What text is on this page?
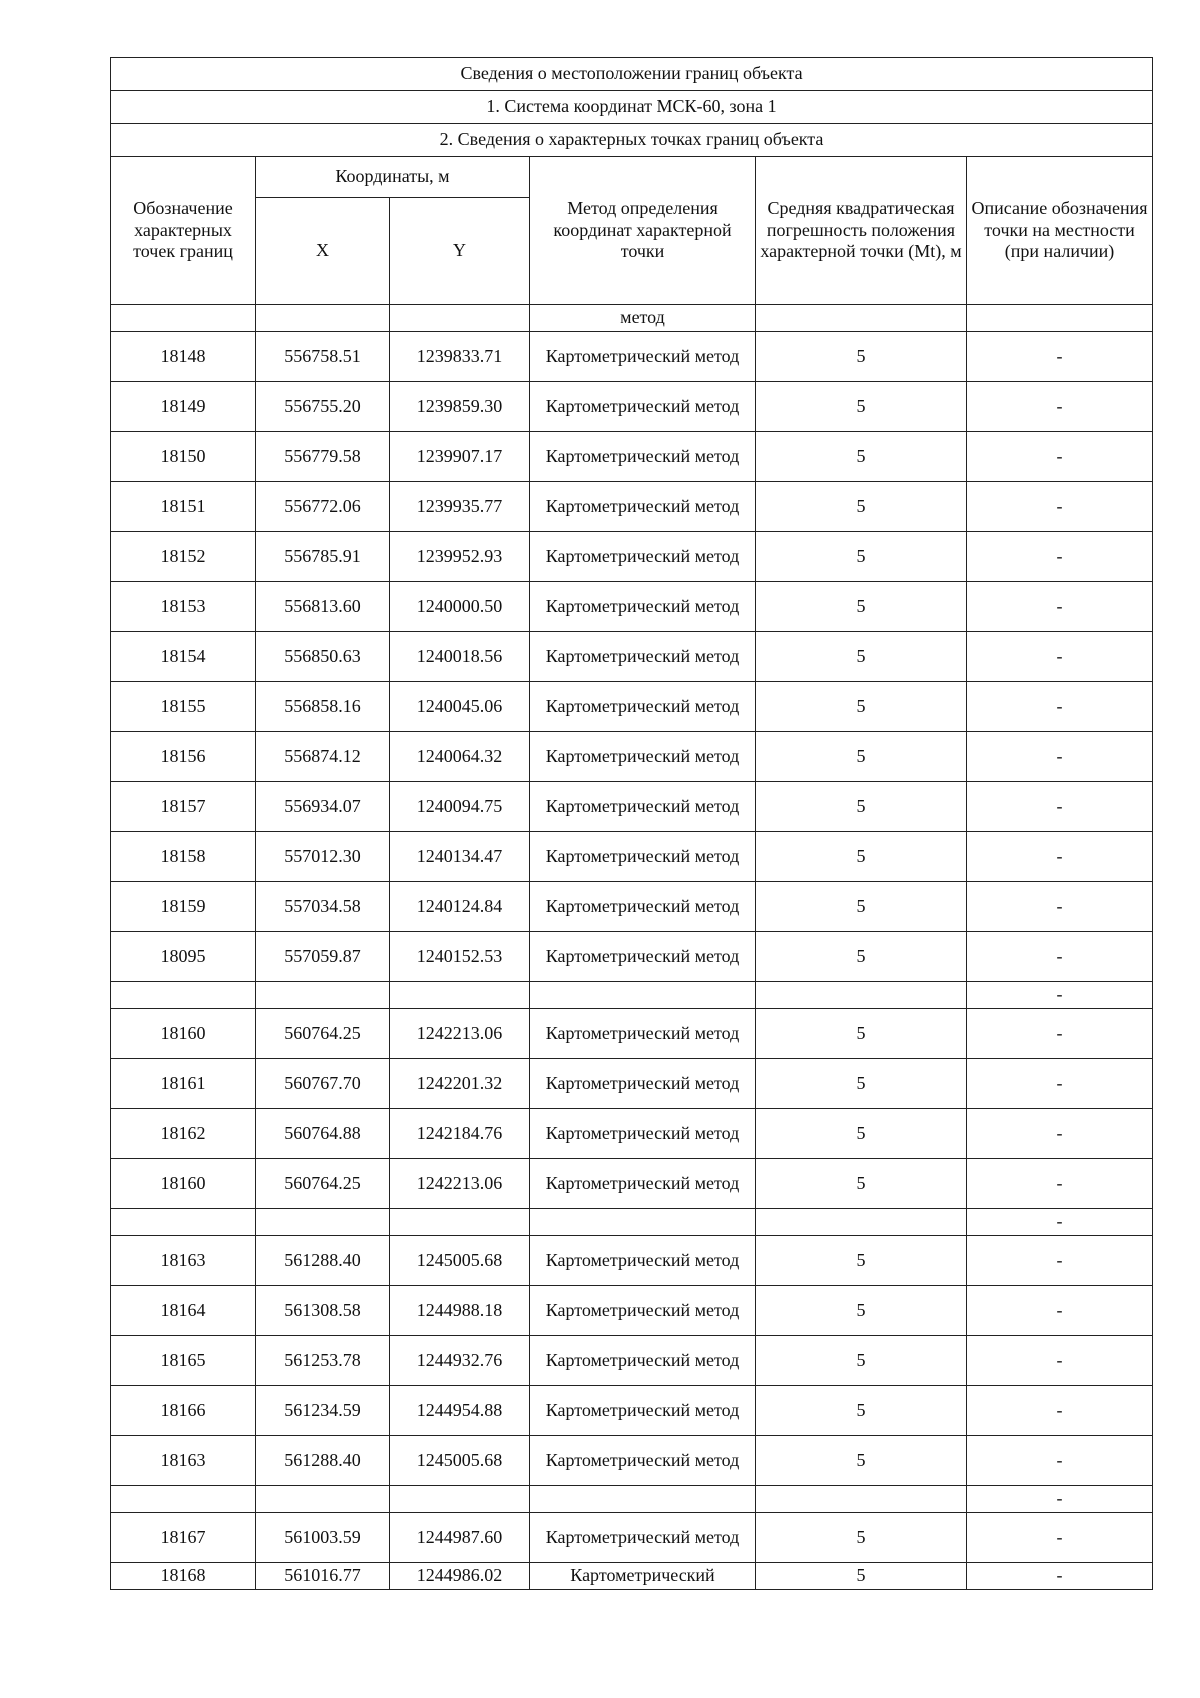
Сведения о местоположении границ объекта					
1. Система координат МСК-60, зона 1					
2. Сведения о характерных точках границ объекта					
Обозначение характерных точек границ	Координаты, м		Метод определения координат характерной точки	Средняя квадратическая погрешность положения характерной точки (Mt), м	Описание обозначения точки на местности (при наличии)
	X	Y			
			метод		
18148	556758.51	1239833.71	Картометрический метод	5	-
18149	556755.20	1239859.30	Картометрический метод	5	-
18150	556779.58	1239907.17	Картометрический метод	5	-
18151	556772.06	1239935.77	Картометрический метод	5	-
18152	556785.91	1239952.93	Картометрический метод	5	-
18153	556813.60	1240000.50	Картометрический метод	5	-
18154	556850.63	1240018.56	Картометрический метод	5	-
18155	556858.16	1240045.06	Картометрический метод	5	-
18156	556874.12	1240064.32	Картометрический метод	5	-
18157	556934.07	1240094.75	Картометрический метод	5	-
18158	557012.30	1240134.47	Картометрический метод	5	-
18159	557034.58	1240124.84	Картометрический метод	5	-
18095	557059.87	1240152.53	Картометрический метод	5	-
					-
18160	560764.25	1242213.06	Картометрический метод	5	-
18161	560767.70	1242201.32	Картометрический метод	5	-
18162	560764.88	1242184.76	Картометрический метод	5	-
18160	560764.25	1242213.06	Картометрический метод	5	-
					-
18163	561288.40	1245005.68	Картометрический метод	5	-
18164	561308.58	1244988.18	Картометрический метод	5	-
18165	561253.78	1244932.76	Картометрический метод	5	-
18166	561234.59	1244954.88	Картометрический метод	5	-
18163	561288.40	1245005.68	Картометрический метод	5	-
					-
18167	561003.59	1244987.60	Картометрический метод	5	-
18168	561016.77	1244986.02	Картометрический	5	-
